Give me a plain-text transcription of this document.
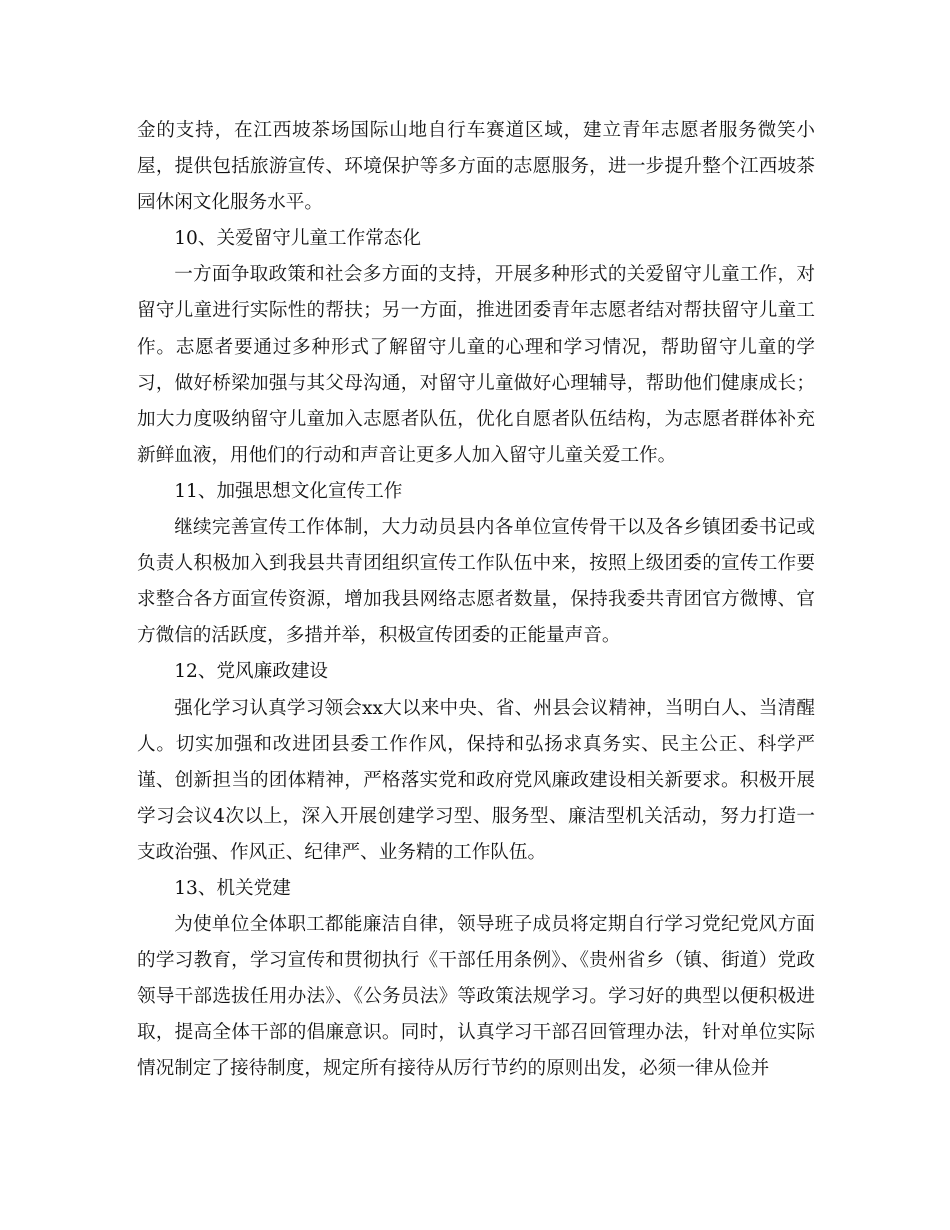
金的支持，在江西坡茶场国际山地自行车赛道区域，建立青年志愿者服务微笑小屋，提供包括旅游宣传、环境保护等多方面的志愿服务，进一步提升整个江西坡茶园休闲文化服务水平。

10、关爱留守儿童工作常态化

一方面争取政策和社会多方面的支持，开展多种形式的关爱留守儿童工作，对留守儿童进行实际性的帮扶；另一方面，推进团委青年志愿者结对帮扶留守儿童工作。志愿者要通过多种形式了解留守儿童的心理和学习情况，帮助留守儿童的学习，做好桥梁加强与其父母沟通，对留守儿童做好心理辅导，帮助他们健康成长；加大力度吸纳留守儿童加入志愿者队伍，优化自愿者队伍结构，为志愿者群体补充新鲜血液，用他们的行动和声音让更多人加入留守儿童关爱工作。

11、加强思想文化宣传工作

继续完善宣传工作体制，大力动员县内各单位宣传骨干以及各乡镇团委书记或负责人积极加入到我县共青团组织宣传工作队伍中来，按照上级团委的宣传工作要求整合各方面宣传资源，增加我县网络志愿者数量，保持我委共青团官方微博、官方微信的活跃度，多措并举，积极宣传团委的正能量声音。

12、党风廉政建设

强化学习认真学习领会xx大以来中央、省、州县会议精神，当明白人、当清醒人。切实加强和改进团县委工作作风，保持和弘扬求真务实、民主公正、科学严谨、创新担当的团体精神，严格落实党和政府党风廉政建设相关新要求。积极开展学习会议4次以上，深入开展创建学习型、服务型、廉洁型机关活动，努力打造一支政治强、作风正、纪律严、业务精的工作队伍。

13、机关党建

为使单位全体职工都能廉洁自律，领导班子成员将定期自行学习党纪党风方面的学习教育，学习宣传和贯彻执行《干部任用条例》、《贵州省乡（镇、街道）党政领导干部选拔任用办法》、《公务员法》等政策法规学习。学习好的典型以便积极进取，提高全体干部的倡廉意识。同时，认真学习干部召回管理办法，针对单位实际情况制定了接待制度，规定所有接待从厉行节约的原则出发，必须一律从俭并
